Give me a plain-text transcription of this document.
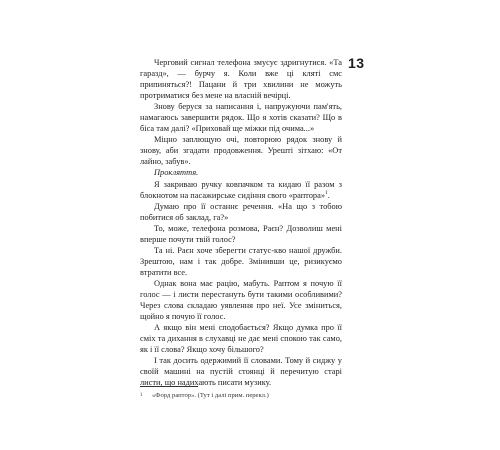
13

Черговий сигнал телефона змусує здригнутися. «Та гаразд», — бурчу я. Коли вже ці кляті смс припиняться?! Пацани й три хвилини не можуть протриматися без мене на власній вечірці.

Знову беруся за написання і, напружуючи пам'ять, намагаюсь завершити рядок. Що я хотів сказати? Що в біса там далі? «Приховай ще міжки під очима...»

Міцно заплющую очі, повторюю рядок знову й знову, аби згадати продовження. Урешті зітхаю: «От лайно, забув».

Прокляття.

Я закриваю ручку ковпачком та кидаю її разом з блокнотом на пасажирське сидіння свого «раптора»$^1$.

Думаю про її останнє речення. «На що з тобою побитися об заклад, га?»

То, може, телефона розмова, Раєн? Дозволиш мені вперше почути твій голос?

Та ні. Раєн хоче зберегти статус-кво нашої дружби. Зрештою, нам і так добре. Змінивши це, ризикуємо втратити все.

Однак вона має рацію, мабуть. Раптом я почую її голос — і листи перестануть бути такими особливими? Через слова складаю уявлення про неї. Усе зміниться, щойно я почую її голос.

А якщо він мені сподобається? Якщо думка про її сміх та дихання в слухавці не дає мені спокою так само, як і її слова? Якщо хочу більшого?

І так досить одержимий її словами. Тому й сиджу у своїй машині на пустій стоянці й перечитую старі листи, що надихають писати музику.

1 «Форд раптор». (Тут і далі прим. перекл.)
